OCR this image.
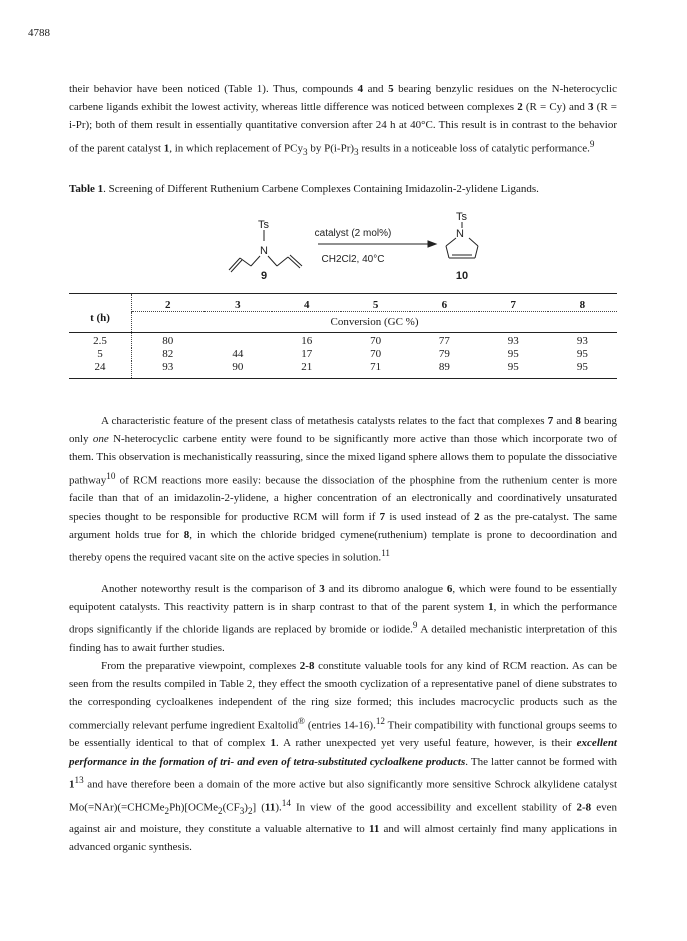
4788

their behavior have been noticed (Table 1). Thus, compounds 4 and 5 bearing benzylic residues on the N-heterocyclic carbene ligands exhibit the lowest activity, whereas little difference was noticed between complexes 2 (R = Cy) and 3 (R = i-Pr); both of them result in essentially quantitative conversion after 24 h at 40°C. This result is in contrast to the behavior of the parent catalyst 1, in which replacement of PCy$_3$ by $P(i-Pr)_3$ results in a noticeable loss of catalytic performance.$^9$

Table 1. Screening of Different Ruthenium Carbene Complexes Containing Imidazolin-2-ylidene Ligands.

Ts
N
catalyst (2 mol%)
CH2Cl2, 40°C
Ts
N
9	10
	2	3	4	5	6	7	8
t (h)	Conversion (GC %)						
2.5	80		16	70	77	93	93
5	82	44	17	70	79	95	95
24	93	90	21	71	89	95	95

A characteristic feature of the present class of metathesis catalysts relates to the fact that complexes 7 and 8 bearing only one N-heterocyclic carbene entity were found to be significantly more active than those which incorporate two of them. This observation is mechanistically reassuring, since the mixed ligand sphere allows them to populate the dissociative pathway$^{10}$ of RCM reactions more easily: because the dissociation of the phosphine from the ruthenium center is more facile than that of an imidazolin-2-ylidene, a higher concentration of an electronically and coordinatively unsaturated species thought to be responsible for productive RCM will form if 7 is used instead of 2 as the pre-catalyst. The same argument holds true for 8, in which the chloride bridged cymene(ruthenium) template is prone to decoordination and thereby opens the required vacant site on the active species in solution.$^{11}$

Another noteworthy result is the comparison of 3 and its dibromo analogue 6, which were found to be essentially equipotent catalysts. This reactivity pattern is in sharp contrast to that of the parent system 1, in which the performance drops significantly if the chloride ligands are replaced by bromide or iodide.$^9$ A detailed mechanistic interpretation of this finding has to await further studies.

From the preparative viewpoint, complexes 2-8 constitute valuable tools for any kind of RCM reaction. As can be seen from the results compiled in Table 2, they effect the smooth cyclization of a representative panel of diene substrates to the corresponding cycloalkenes independent of the ring size formed; this includes macrocyclic products such as the commercially relevant perfume ingredient Exaltolid® (entries 14-16).$^{12}$ Their compatibility with functional groups seems to be essentially identical to that of complex 1. A rather unexpected yet very useful feature, however, is their excellent performance in the formation of tri- and even of tetra-substituted cycloalkene products. The latter cannot be formed with $1^{13}$ and have therefore been a domain of the more active but also significantly more sensitive Schrock alkylidene catalyst $Mo(=NAr)(=CHCMe_2Ph)[OCMe_2(CF_3)_2]$ (11).$^{14}$ In view of the good accessibility and excellent stability of 2-8 even against air and moisture, they constitute a valuable alternative to 11 and will almost certainly find many applications in advanced organic synthesis.
